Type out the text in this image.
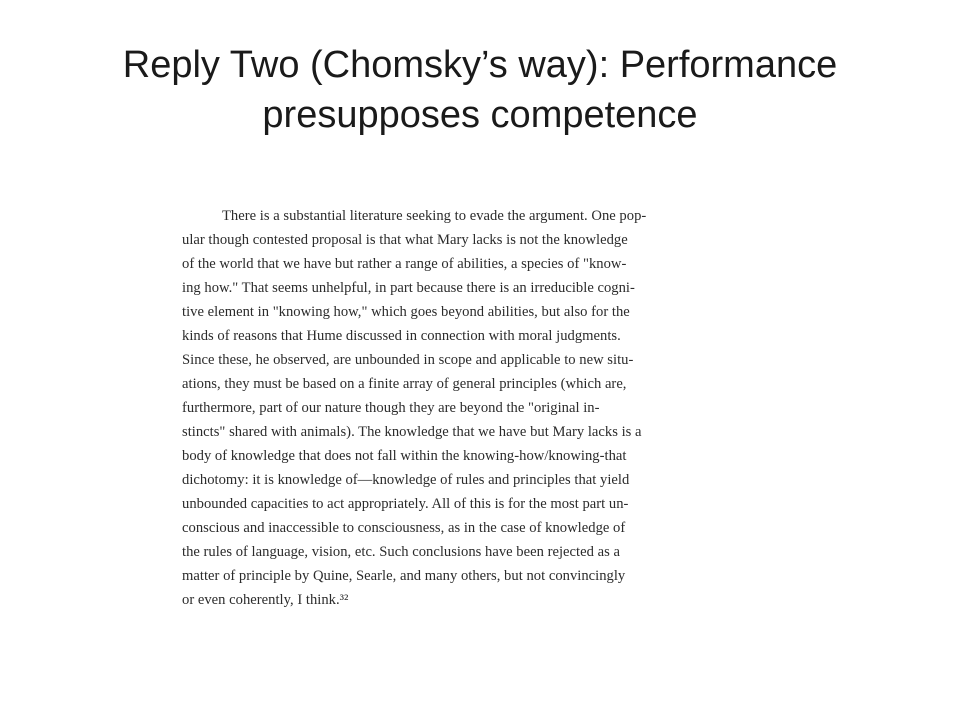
Reply Two (Chomsky’s way): Performance
presupposes competence
There is a substantial literature seeking to evade the argument. One pop-
ular though contested proposal is that what Mary lacks is not the knowledge
of the world that we have but rather a range of abilities, a species of "know-
ing how." That seems unhelpful, in part because there is an irreducible cogni-
tive element in "knowing how," which goes beyond abilities, but also for the
kinds of reasons that Hume discussed in connection with moral judgments.
Since these, he observed, are unbounded in scope and applicable to new situ-
ations, they must be based on a finite array of general principles (which are,
furthermore, part of our nature though they are beyond the "original in-
stincts" shared with animals). The knowledge that we have but Mary lacks is a
body of knowledge that does not fall within the knowing-how/knowing-that
dichotomy: it is knowledge of—knowledge of rules and principles that yield
unbounded capacities to act appropriately. All of this is for the most part un-
conscious and inaccessible to consciousness, as in the case of knowledge of
the rules of language, vision, etc. Such conclusions have been rejected as a
matter of principle by Quine, Searle, and many others, but not convincingly
or even coherently, I think.³²
